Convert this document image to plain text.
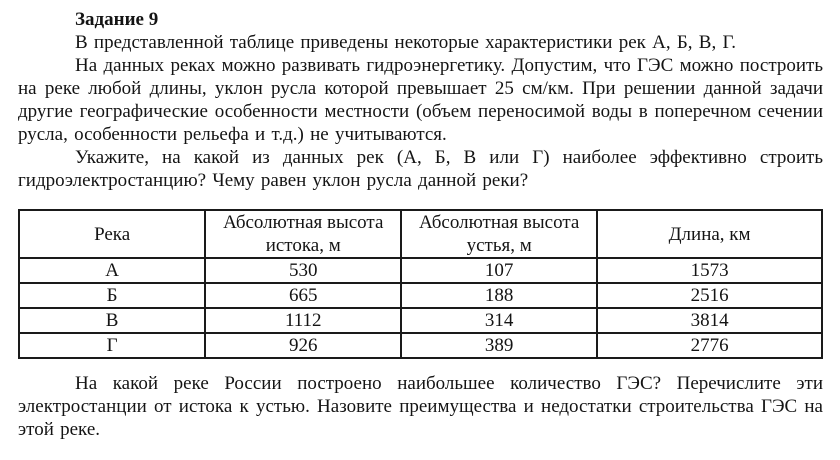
Задание 9

В представленной таблице приведены некоторые характеристики рек А, Б, В, Г.

На данных реках можно развивать гидроэнергетику. Допустим, что ГЭС можно построить на реке любой длины, уклон русла которой превышает 25 см/км. При решении данной задачи другие географические особенности местности (объем переносимой воды в поперечном сечении русла, особенности рельефа и т.д.) не учитываются.

Укажите, на какой из данных рек (А, Б, В или Г) наиболее эффективно строить гидроэлектростанцию? Чему равен уклон русла данной реки?

Река	Абсолютная высота истока, м	Абсолютная высота устья, м	Длина, км
А	530	107	1573
Б	665	188	2516
В	1112	314	3814
Г	926	389	2776

На какой реке России построено наибольшее количество ГЭС? Перечислите эти электростанции от истока к устью. Назовите преимущества и недостатки строительства ГЭС на этой реке.
